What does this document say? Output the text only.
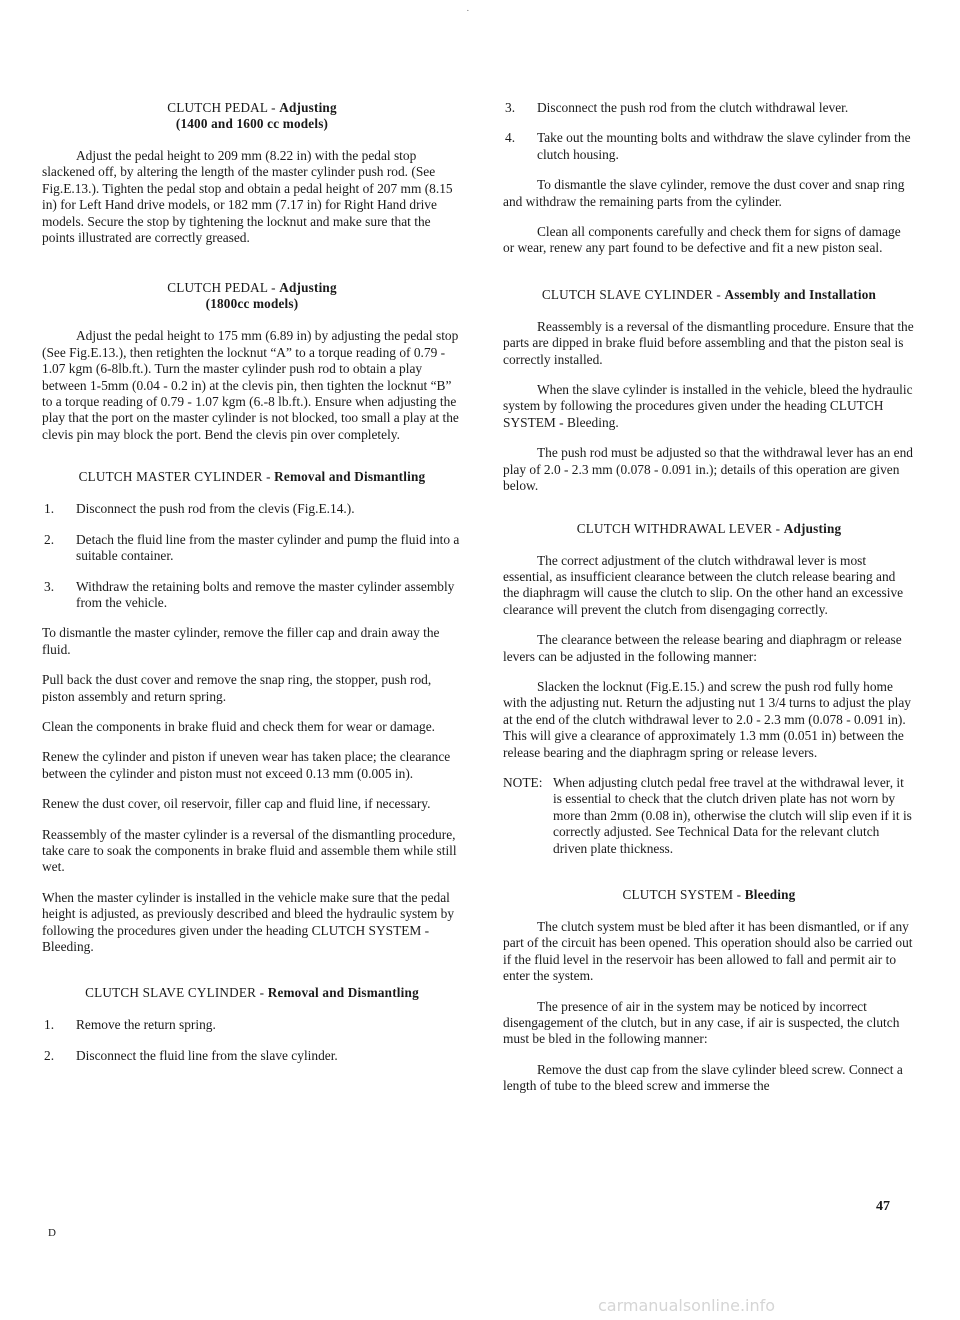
˙
CLUTCH PEDAL - Adjusting
(1400 and 1600 cc models)

Adjust the pedal height to 209 mm (8.22 in) with the pedal stop slackened off, by altering the length of the master cylinder push rod. (See Fig.E.13.). Tighten the pedal stop and obtain a pedal height of 207 mm (8.15 in) for Left Hand drive models, or 182 mm (7.17 in) for Right Hand drive models. Secure the stop by tightening the locknut and make sure that the points illustrated are correctly greased.

CLUTCH PEDAL - Adjusting
(1800cc models)

Adjust the pedal height to 175 mm (6.89 in) by adjusting the pedal stop (See Fig.E.13.), then retighten the locknut “A” to a torque reading of 0.79 - 1.07 kgm (6-8lb.ft.). Turn the master cylinder push rod to obtain a play between 1-5mm (0.04 - 0.2 in) at the clevis pin, then tighten the locknut “B” to a torque reading of 0.79 - 1.07 kgm (6.-8 lb.ft.). Ensure when adjusting the play that the port on the master cylinder is not blocked, too small a play at the clevis pin may block the port. Bend the clevis pin over completely.

CLUTCH MASTER CYLINDER - Removal and Dismantling
1. Disconnect the push rod from the clevis (Fig.E.14.).
2. Detach the fluid line from the master cylinder and pump the fluid into a suitable container.
3. Withdraw the retaining bolts and remove the master cylinder assembly from the vehicle.

To dismantle the master cylinder, remove the filler cap and drain away the fluid.

Pull back the dust cover and remove the snap ring, the stopper, push rod, piston assembly and return spring.

Clean the components in brake fluid and check them for wear or damage.

Renew the cylinder and piston if uneven wear has taken place; the clearance between the cylinder and piston must not exceed 0.13 mm (0.005 in).

Renew the dust cover, oil reservoir, filler cap and fluid line, if necessary.

Reassembly of the master cylinder is a reversal of the dismantling procedure, take care to soak the components in brake fluid and assemble them while still wet.

When the master cylinder is installed in the vehicle make sure that the pedal height is adjusted, as previously described and bleed the hydraulic system by following the procedures given under the heading CLUTCH SYSTEM - Bleeding.

CLUTCH SLAVE CYLINDER - Removal and Dismantling
1. Remove the return spring.
2. Disconnect the fluid line from the slave cylinder.
3. Disconnect the push rod from the clutch withdrawal lever.
4. Take out the mounting bolts and withdraw the slave cylinder from the clutch housing.

To dismantle the slave cylinder, remove the dust cover and snap ring and withdraw the remaining parts from the cylinder.

Clean all components carefully and check them for signs of damage or wear, renew any part found to be defective and fit a new piston seal.

CLUTCH SLAVE CYLINDER - Assembly and Installation

Reassembly is a reversal of the dismantling procedure. Ensure that the parts are dipped in brake fluid before assembling and that the piston seal is correctly installed.

When the slave cylinder is installed in the vehicle, bleed the hydraulic system by following the procedures given under the heading CLUTCH SYSTEM - Bleeding.

The push rod must be adjusted so that the withdrawal lever has an end play of 2.0 - 2.3 mm (0.078 - 0.091 in.); details of this operation are given below.

CLUTCH WITHDRAWAL LEVER - Adjusting

The correct adjustment of the clutch withdrawal lever is most essential, as insufficient clearance between the clutch release bearing and the diaphragm will cause the clutch to slip. On the other hand an excessive clearance will prevent the clutch from disengaging correctly.

The clearance between the release bearing and diaphragm or release levers can be adjusted in the following manner:

Slacken the locknut (Fig.E.15.) and screw the push rod fully home with the adjusting nut. Return the adjusting nut 1 3/4 turns to adjust the play at the end of the clutch withdrawal lever to 2.0 - 2.3 mm (0.078 - 0.091 in). This will give a clearance of approximately 1.3 mm (0.051 in) between the release bearing and the diaphragm spring or release levers.

NOTE: When adjusting clutch pedal free travel at the withdrawal lever, it is essential to check that the clutch driven plate has not worn by more than 2mm (0.08 in), otherwise the clutch will slip even if it is correctly adjusted. See Technical Data for the relevant clutch driven plate thickness.
CLUTCH SYSTEM - Bleeding

The clutch system must be bled after it has been dismantled, or if any part of the circuit has been opened. This operation should also be carried out if the fluid level in the reservoir has been allowed to fall and permit air to enter the system.

The presence of air in the system may be noticed by incorrect disengagement of the clutch, but in any case, if air is suspected, the clutch must be bled in the following manner:

Remove the dust cap from the slave cylinder bleed screw. Connect a length of tube to the bleed screw and immerse the

47
D
carmanualsonline.info
